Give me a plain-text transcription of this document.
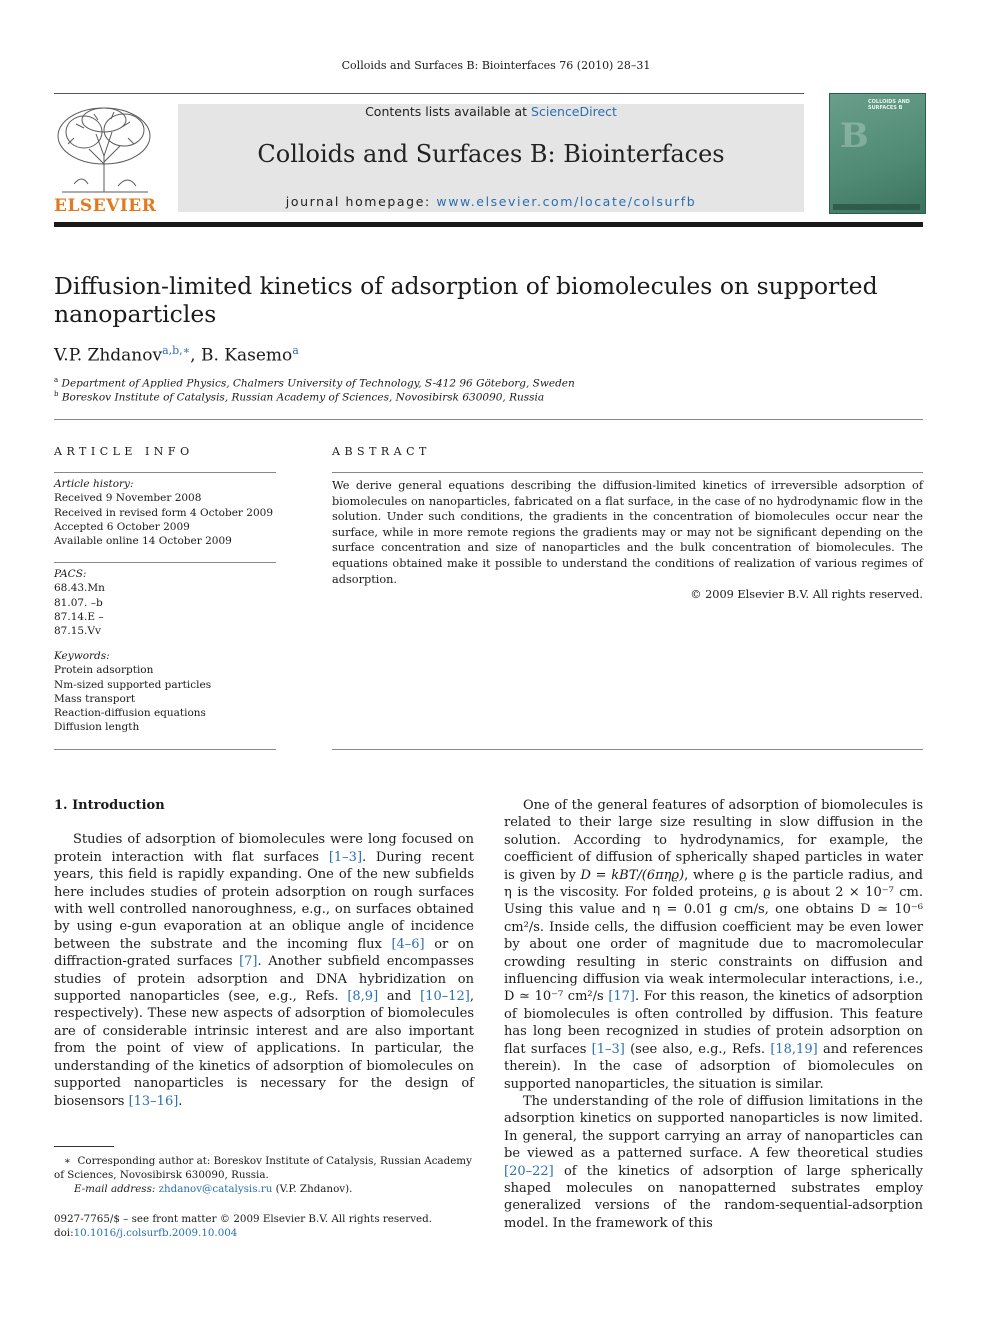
Colloids and Surfaces B: Biointerfaces 76 (2010) 28–31
ELSEVIER
Contents lists available at ScienceDirect
Colloids and Surfaces B: Biointerfaces
journal homepage: www.elsevier.com/locate/colsurfb
COLLOIDS AND SURFACES B
B
Diffusion-limited kinetics of adsorption of biomolecules on supported nanoparticles
V.P. Zhdanov$^{a,b,∗}$, B. Kasemo$^a$
$^a$ Department of Applied Physics, Chalmers University of Technology, S-412 96 Göteborg, Sweden
$^b$ Boreskov Institute of Catalysis, Russian Academy of Sciences, Novosibirsk 630090, Russia
ARTICLE INFO
Article history:
Received 9 November 2008
Received in revised form 4 October 2009
Accepted 6 October 2009
Available online 14 October 2009
PACS:
68.43.Mn
81.07. –b
87.14.E –
87.15.Vv
Keywords:
Protein adsorption
Nm-sized supported particles
Mass transport
Reaction-diffusion equations
Diffusion length
ABSTRACT
We derive general equations describing the diffusion-limited kinetics of irreversible adsorption of biomolecules on nanoparticles, fabricated on a flat surface, in the case of no hydrodynamic flow in the solution. Under such conditions, the gradients in the concentration of biomolecules occur near the surface, while in more remote regions the gradients may or may not be significant depending on the surface concentration and size of nanoparticles and the bulk concentration of biomolecules. The equations obtained make it possible to understand the conditions of realization of various regimes of adsorption.
© 2009 Elsevier B.V. All rights reserved.
1. Introduction

Studies of adsorption of biomolecules were long focused on protein interaction with flat surfaces [1–3]. During recent years, this field is rapidly expanding. One of the new subfields here includes studies of protein adsorption on rough surfaces with well controlled nanoroughness, e.g., on surfaces obtained by using e-gun evaporation at an oblique angle of incidence between the substrate and the incoming flux [4–6] or on diffraction-grated surfaces [7]. Another subfield encompasses studies of protein adsorption and DNA hybridization on supported nanoparticles (see, e.g., Refs. [8,9] and [10–12], respectively). These new aspects of adsorption of biomolecules are of considerable intrinsic interest and are also important from the point of view of applications. In particular, the understanding of the kinetics of adsorption of biomolecules on supported nanoparticles is necessary for the design of biosensors [13–16].

One of the general features of adsorption of biomolecules is related to their large size resulting in slow diffusion in the solution. According to hydrodynamics, for example, the coefficient of diffusion of spherically shaped particles in water is given by D = kBT/(6πηϱ), where ϱ is the particle radius, and η is the viscosity. For folded proteins, ϱ is about 2 × 10⁻⁷ cm. Using this value and η = 0.01 g cm/s, one obtains D ≃ 10⁻⁶ cm²/s. Inside cells, the diffusion coefficient may be even lower by about one order of magnitude due to macromolecular crowding resulting in steric constraints on diffusion and influencing diffusion via weak intermolecular interactions, i.e., D ≃ 10⁻⁷ cm²/s [17]. For this reason, the kinetics of adsorption of biomolecules is often controlled by diffusion. This feature has long been recognized in studies of protein adsorption on flat surfaces [1–3] (see also, e.g., Refs. [18,19] and references therein). In the case of adsorption of biomolecules on supported nanoparticles, the situation is similar.

The understanding of the role of diffusion limitations in the adsorption kinetics on supported nanoparticles is now limited. In general, the support carrying an array of nanoparticles can be viewed as a patterned surface. A few theoretical studies [20–22] of the kinetics of adsorption of large spherically shaped molecules on nanopatterned substrates employ generalized versions of the random-sequential-adsorption model. In the framework of this

∗ Corresponding author at: Boreskov Institute of Catalysis, Russian Academy of Sciences, Novosibirsk 630090, Russia.
E-mail address: zhdanov@catalysis.ru (V.P. Zhdanov).
0927-7765/$ – see front matter © 2009 Elsevier B.V. All rights reserved.
doi:10.1016/j.colsurfb.2009.10.004
